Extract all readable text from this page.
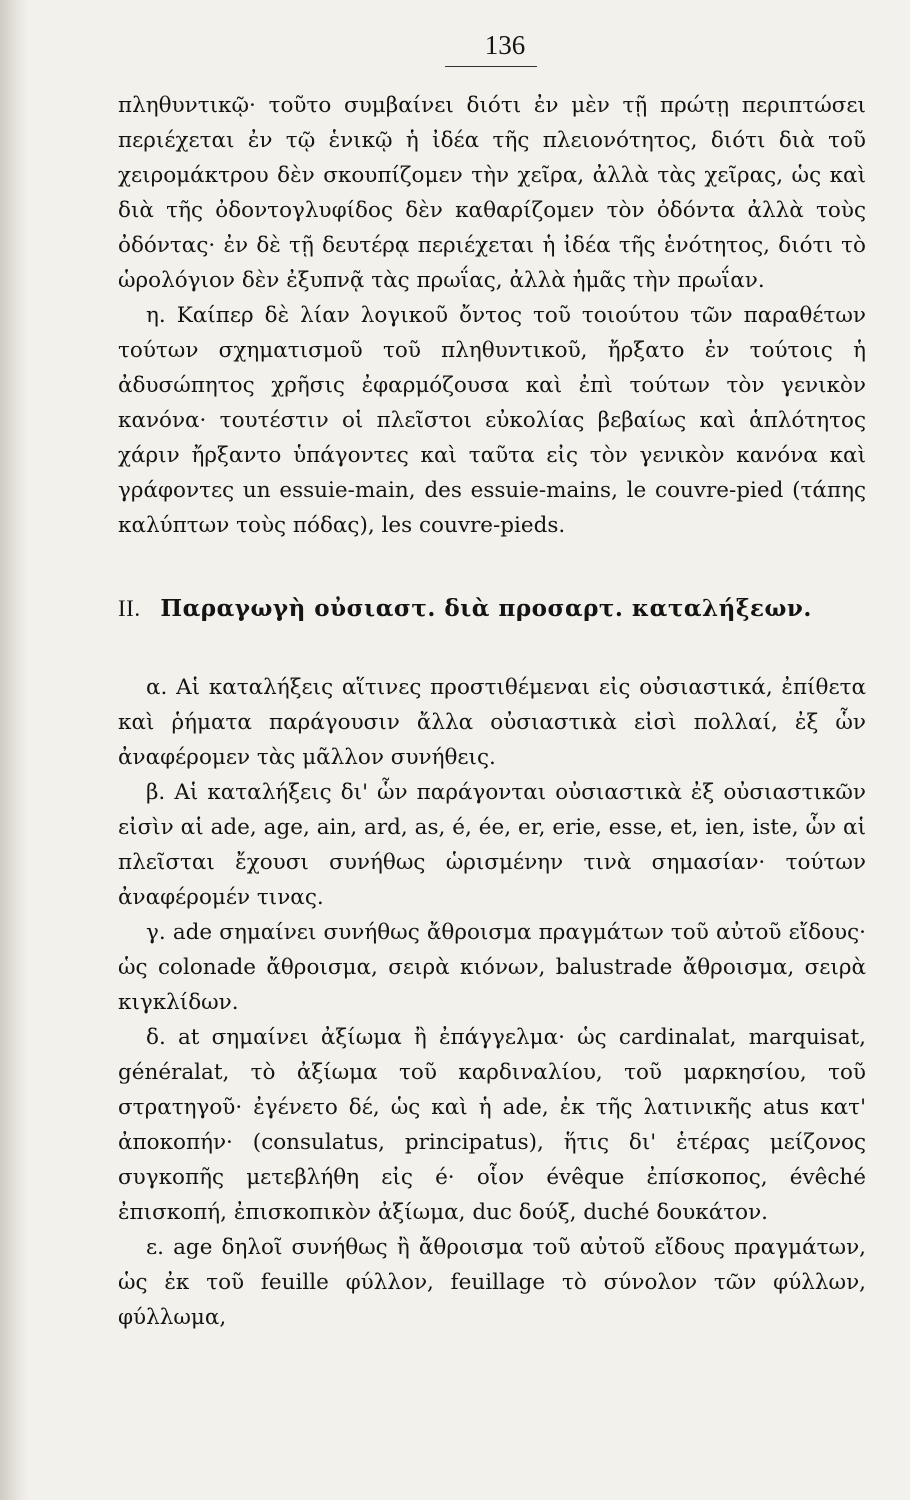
136

πληθυντικῷ· τοῦτο συμβαίνει διότι ἐν μὲν τῇ πρώτῃ περιπτώσει περιέχεται ἐν τῷ ἑνικῷ ἡ ἰδέα τῆς πλειονότητος, διότι διὰ τοῦ χειρομάκτρου δὲν σκουπίζομεν τὴν χεῖρα, ἀλλὰ τὰς χεῖρας, ὡς καὶ διὰ τῆς ὀδοντογλυφίδος δὲν καθαρίζομεν τὸν ὀδόντα ἀλλὰ τοὺς ὀδόντας· ἐν δὲ τῇ δευτέρᾳ περιέχεται ἡ ἰδέα τῆς ἑνότητος, διότι τὸ ὡρολόγιον δὲν ἐξυπνᾷ τὰς πρωΐας, ἀλλὰ ἡμᾶς τὴν πρωΐαν.

η. Καίπερ δὲ λίαν λογικοῦ ὄντος τοῦ τοιούτου τῶν παραθέτων τούτων σχηματισμοῦ τοῦ πληθυντικοῦ, ἤρξατο ἐν τούτοις ἡ ἀδυσώπητος χρῆσις ἐφαρμόζουσα καὶ ἐπὶ τούτων τὸν γενικὸν κανόνα· τουτέστιν οἱ πλεῖστοι εὐκολίας βεβαίως καὶ ἁπλότητος χάριν ἤρξαντο ὑπάγοντες καὶ ταῦτα εἰς τὸν γενικὸν κανόνα καὶ γράφοντες un essuie-main, des essuie-mains, le couvre-pied (τάπης καλύπτων τοὺς πόδας), les couvre-pieds.

II. Παραγωγὴ οὐσιαστ. διὰ προσαρτ. καταλήξεων.

α. Αἱ καταλήξεις αἵτινες προστιθέμεναι εἰς οὐσιαστικά, ἐπίθετα καὶ ῥήματα παράγουσιν ἄλλα οὐσιαστικὰ εἰσὶ πολλαί, ἐξ ὧν ἀναφέρομεν τὰς μᾶλλον συνήθεις.

β. Αἱ καταλήξεις δι' ὧν παράγονται οὐσιαστικὰ ἐξ οὐσιαστικῶν εἰσὶν αἱ ade, age, ain, ard, as, é, ée, er, erie, esse, et, ien, iste, ὧν αἱ πλεῖσται ἔχουσι συνήθως ὡρισμένην τινὰ σημασίαν· τούτων ἀναφέρομέν τινας.

γ. ade σημαίνει συνήθως ἄθροισμα πραγμάτων τοῦ αὐτοῦ εἴδους· ὡς colonade ἄθροισμα, σειρὰ κιόνων, balustrade ἄθροισμα, σειρὰ κιγκλίδων.

δ. at σημαίνει ἀξίωμα ἢ ἐπάγγελμα· ὡς cardinalat, marquisat, généralat, τὸ ἀξίωμα τοῦ καρδιναλίου, τοῦ μαρκησίου, τοῦ στρατηγοῦ· ἐγένετο δέ, ὡς καὶ ἡ ade, ἐκ τῆς λατινικῆς atus κατ' ἀποκοπήν· (consulatus, principatus), ἥτις δι' ἑτέρας μείζονος συγκοπῆς μετεβλήθη εἰς é· οἷον évêque ἐπίσκοπος, évêché ἐπισκοπή, ἐπισκοπικὸν ἀξίωμα, duc δούξ, duché δουκάτον.

ε. age δηλοῖ συνήθως ἢ ἄθροισμα τοῦ αὐτοῦ εἴδους πραγμάτων, ὡς ἐκ τοῦ feuille φύλλον, feuillage τὸ σύνολον τῶν φύλλων, φύλλωμα,
